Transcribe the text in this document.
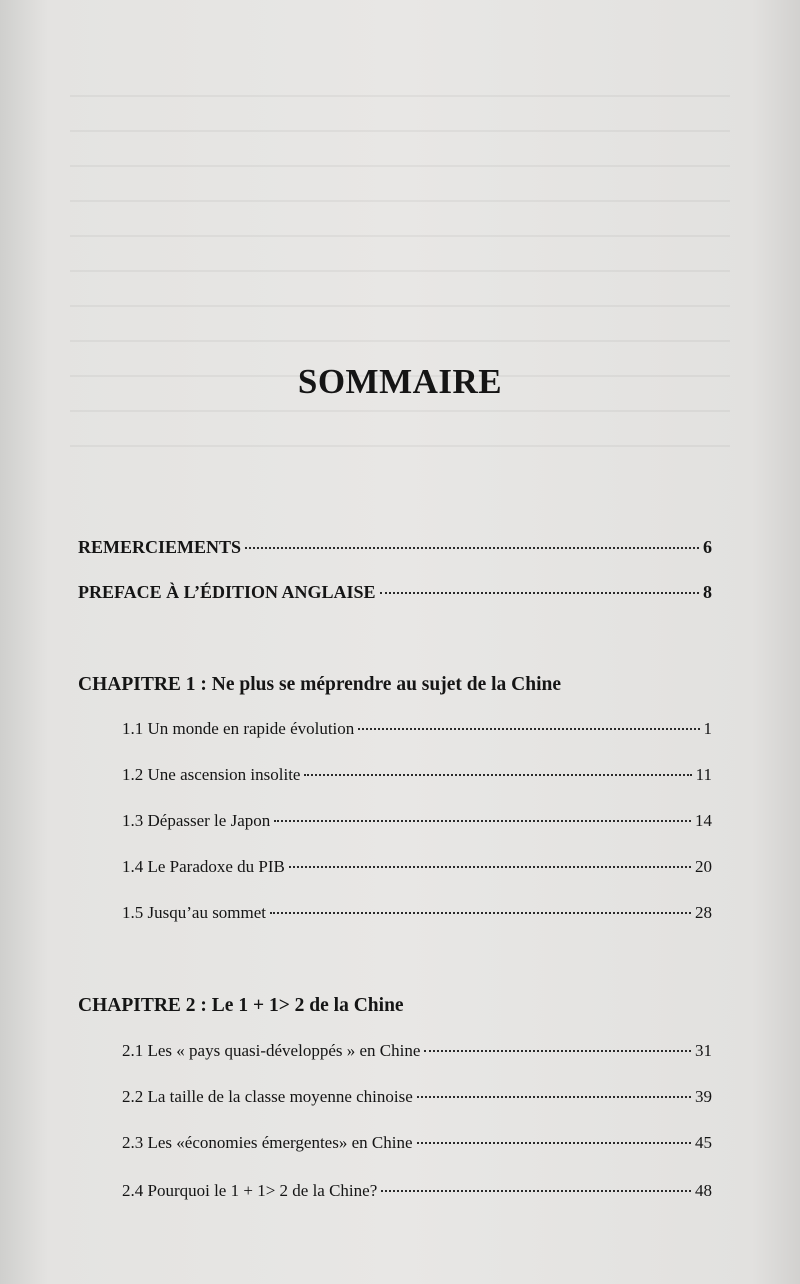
SOMMAIRE
REMERCIEMENTS	6
PREFACE À L’ÉDITION ANGLAISE	8
CHAPITRE 1 : Ne plus se méprendre au sujet de la Chine
1.1 Un monde en rapide évolution	1
1.2 Une ascension insolite	11
1.3 Dépasser le Japon	14
1.4 Le Paradoxe du PIB	20
1.5 Jusqu’au sommet	28
CHAPITRE 2 : Le 1 + 1> 2 de la Chine
2.1 Les « pays quasi-développés » en Chine	31
2.2 La taille de la classe moyenne chinoise	39
2.3 Les «économies émergentes» en Chine	45
2.4 Pourquoi le 1 + 1> 2 de la Chine?	48
